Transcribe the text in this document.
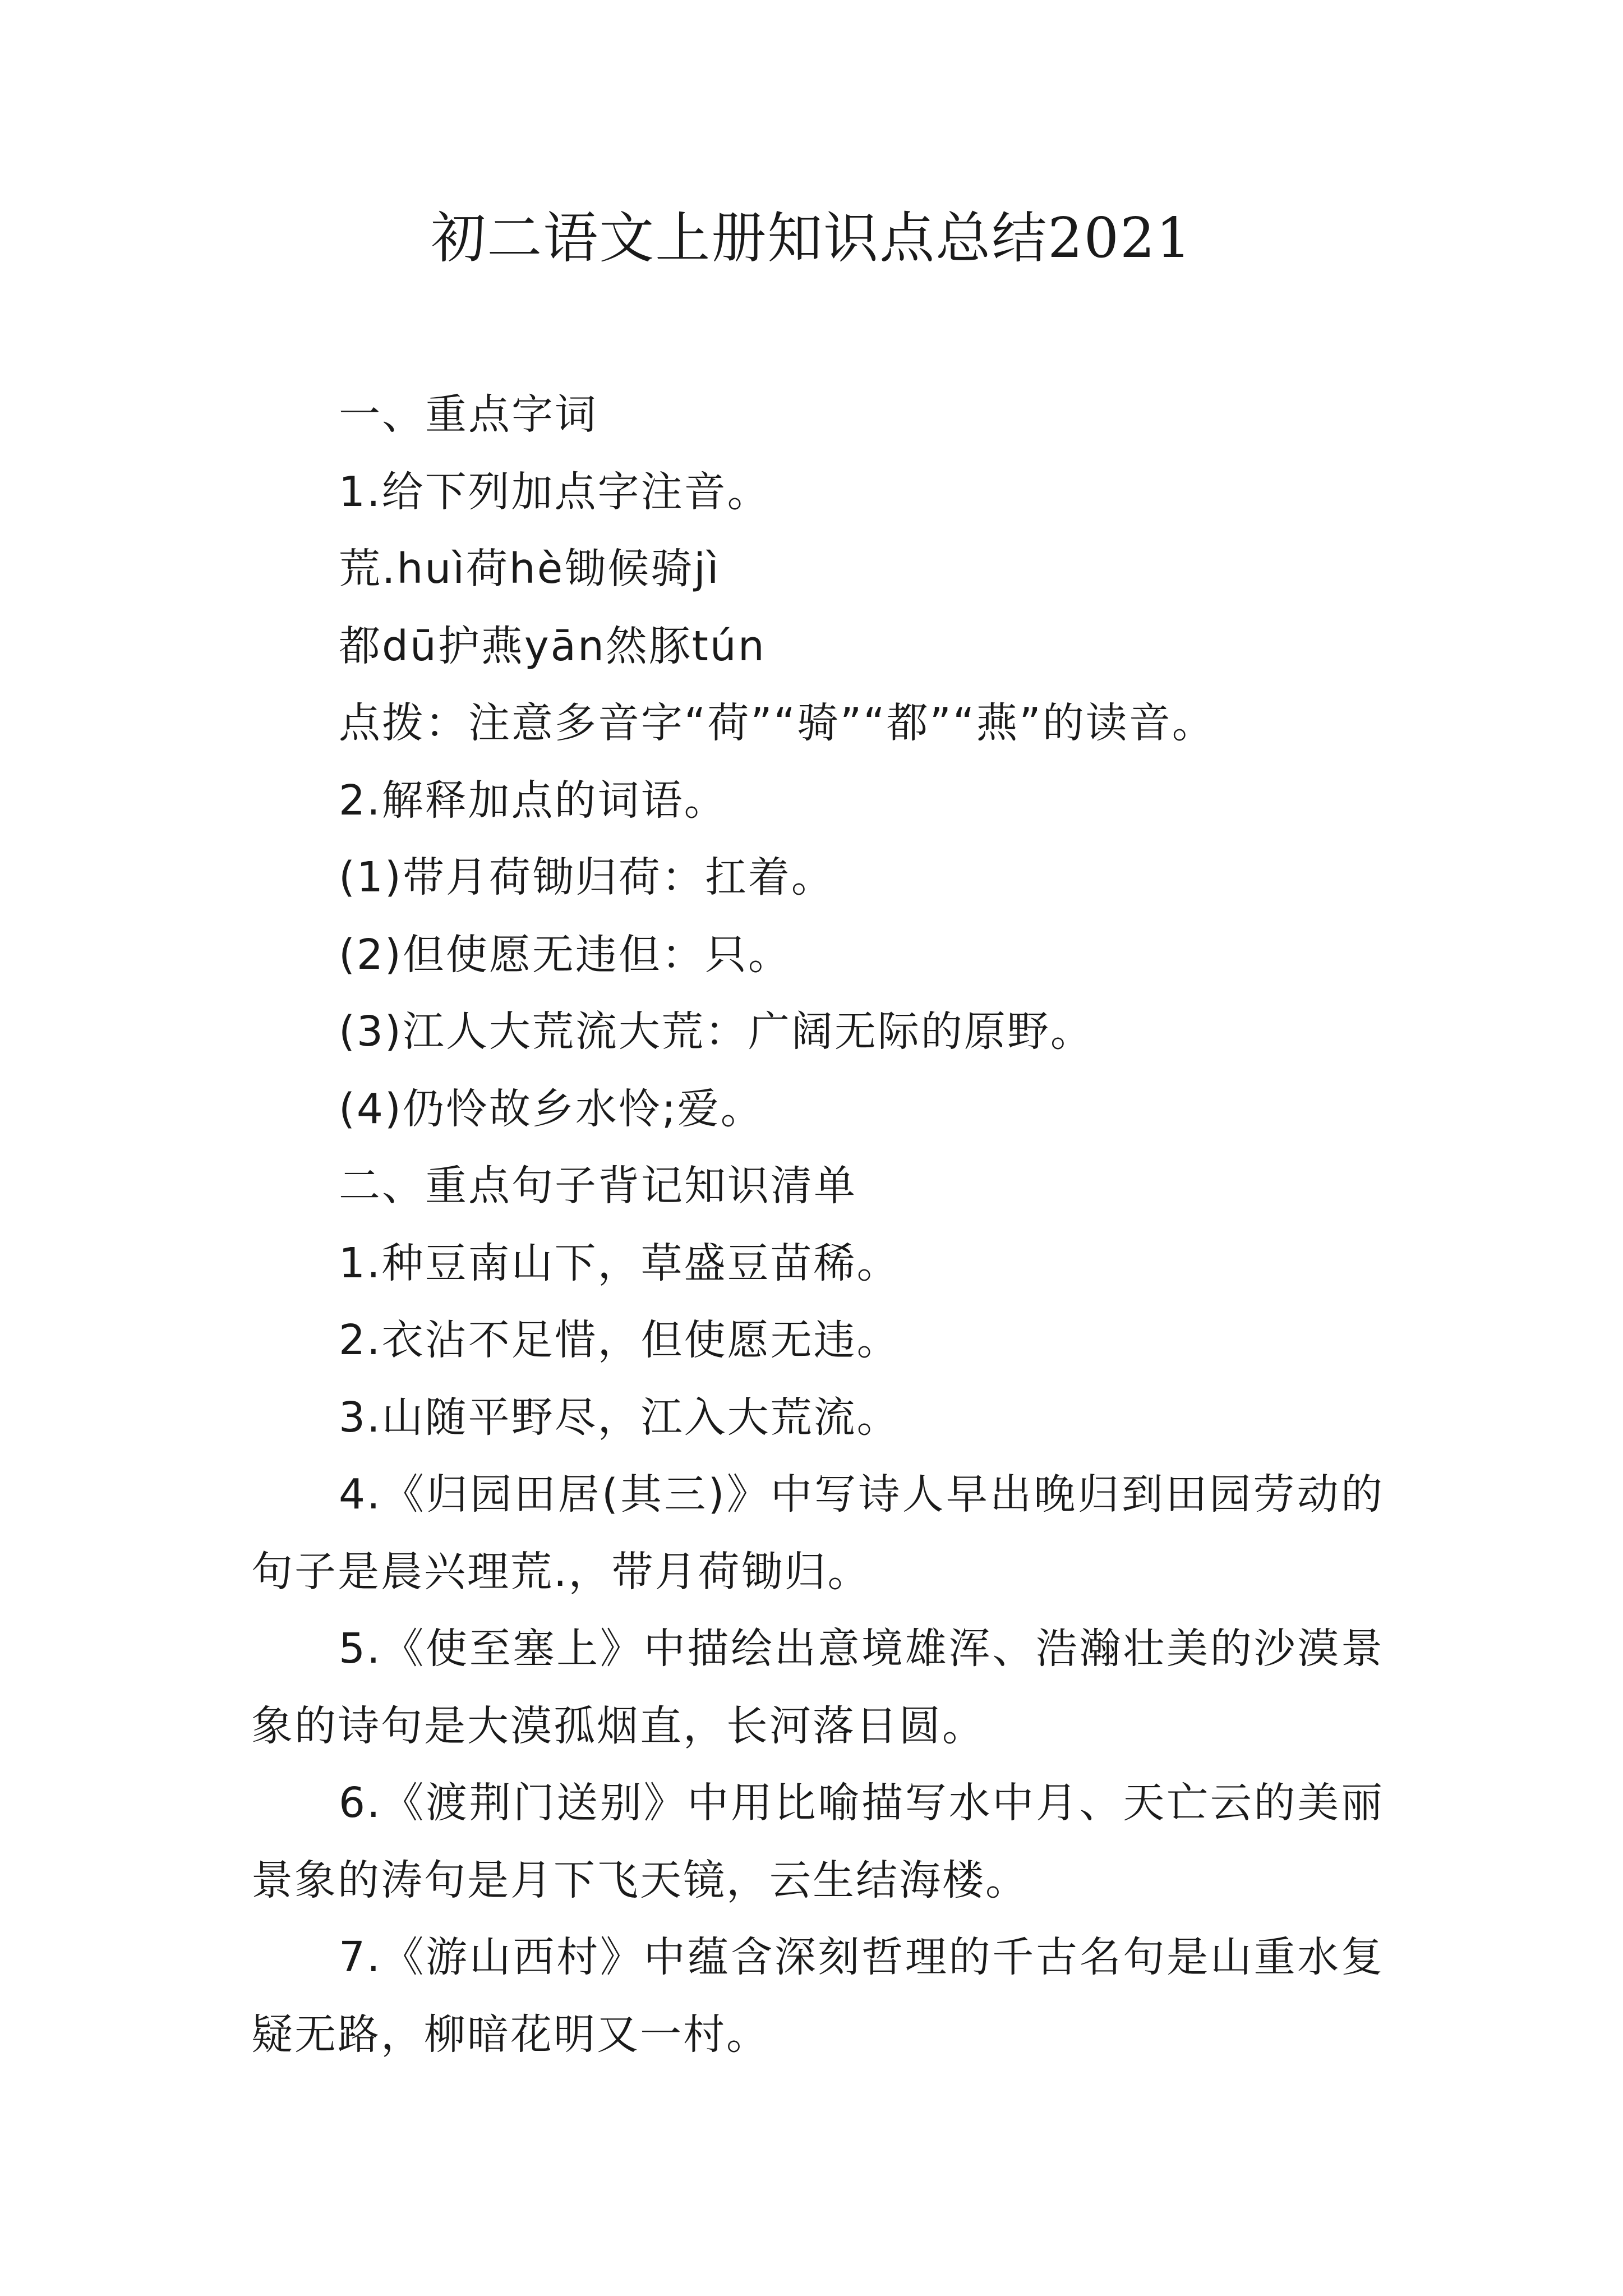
初二语文上册知识点总结2021

一、重点字词

1.给下列加点字注音。

荒.huì荷hè锄候骑jì

都dū护燕yān然豚tún

点拨：注意多音字“荷”“骑”“都”“燕”的读音。

2.解释加点的词语。

(1)带月荷锄归荷：扛着。

(2)但使愿无违但：只。

(3)江人大荒流大荒：广阔无际的原野。

(4)仍怜故乡水怜;爱。

二、重点句子背记知识清单

1.种豆南山下，草盛豆苗稀。

2.衣沾不足惜，但使愿无违。

3.山随平野尽，江入大荒流。

4.《归园田居(其三)》中写诗人早出晚归到田园劳动的句子是晨兴理荒.，带月荷锄归。

5.《使至塞上》中描绘出意境雄浑、浩瀚壮美的沙漠景象的诗句是大漠孤烟直，长河落日圆。

6.《渡荆门送别》中用比喻描写水中月、天亡云的美丽景象的涛句是月下飞天镜，云生结海楼。

7.《游山西村》中蕴含深刻哲理的千古名句是山重水复疑无路，柳暗花明又一村。
